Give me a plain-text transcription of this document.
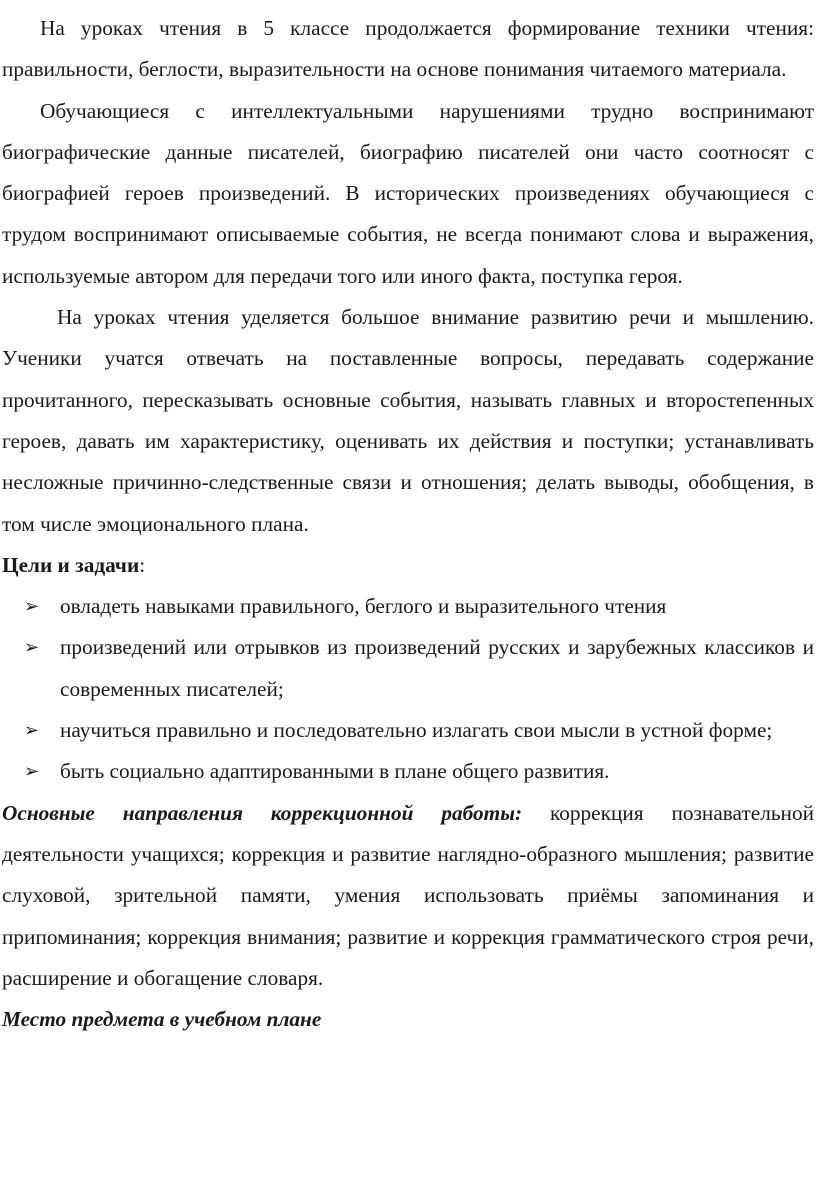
На уроках чтения в 5 классе продолжается формирование техники чтения: правильности, беглости, выразительности на основе понимания читаемого материала.

Обучающиеся с интеллектуальными нарушениями трудно воспринимают биографические данные писателей, биографию писателей они часто соотносят с биографией героев произведений. В исторических произведениях обучающиеся с трудом воспринимают описываемые события, не всегда понимают слова и выражения, используемые автором для передачи того или иного факта, поступка героя.

На уроках чтения уделяется большое внимание развитию речи и мышлению. Ученики учатся отвечать на поставленные вопросы, передавать содержание прочитанного, пересказывать основные события, называть главных и второстепенных героев, давать им характеристику, оценивать их действия и поступки; устанавливать несложные причинно-следственные связи и отношения; делать выводы, обобщения, в том числе эмоционального плана.

Цели и задачи:

➢ овладеть навыками правильного, беглого и выразительного чтения
➢ произведений или отрывков из произведений русских и зарубежных классиков и современных писателей;
➢ научиться правильно и последовательно излагать свои мысли в устной форме;
➢ быть социально адаптированными в плане общего развития.

Основные направления коррекционной работы: коррекция познавательной деятельности учащихся; коррекция и развитие наглядно-образного мышления; развитие слуховой, зрительной памяти, умения использовать приёмы запоминания и припоминания; коррекция внимания; развитие и коррекция грамматического строя речи, расширение и обогащение словаря.

Место предмета в учебном плане
